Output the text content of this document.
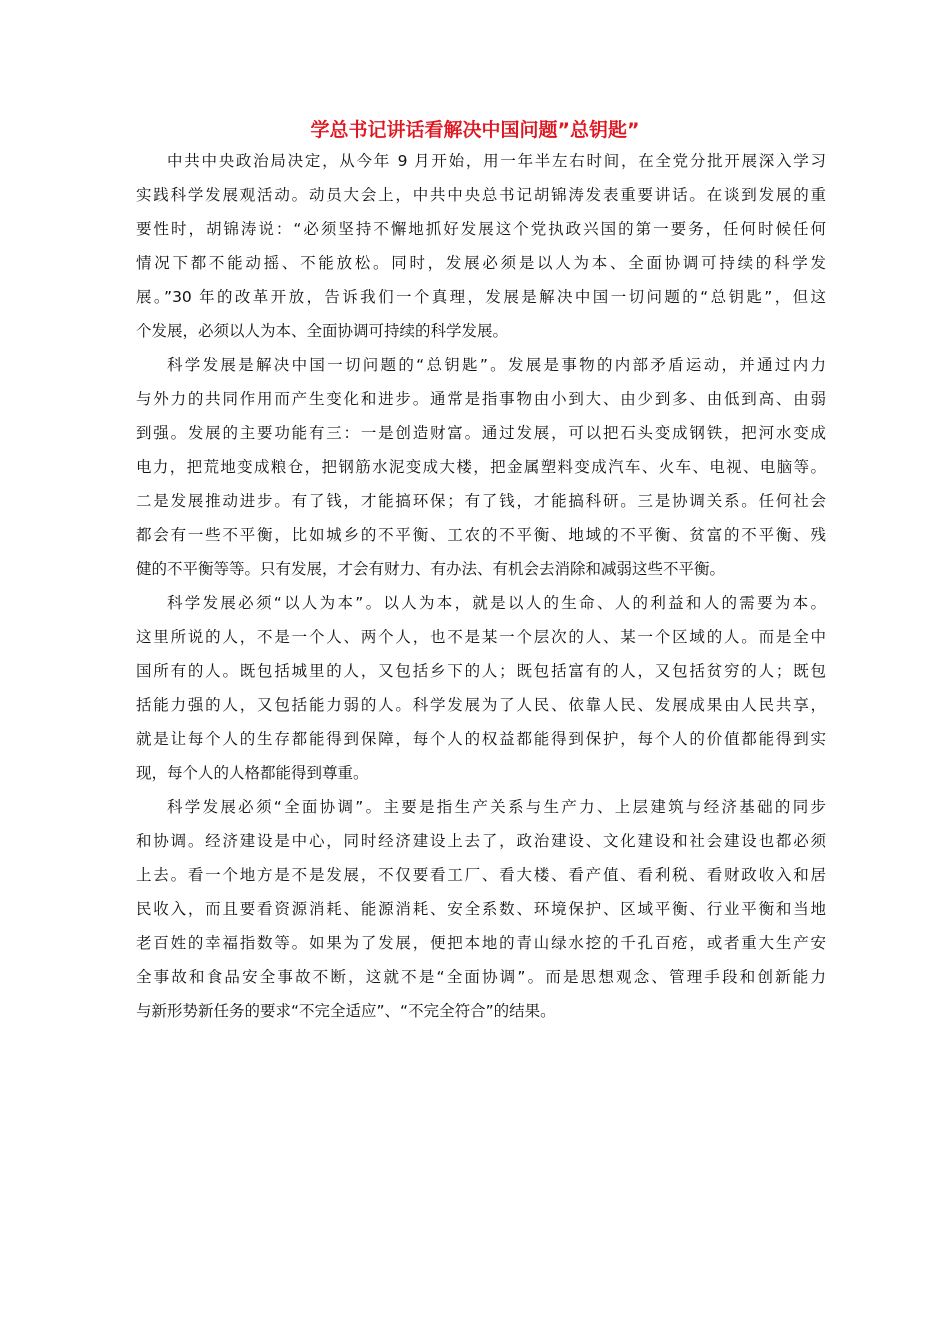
学总书记讲话看解决中国问题”总钥匙”
中共中央政治局决定，从今年 9 月开始，用一年半左右时间，在全党分批开展深入学习
实践科学发展观活动。动员大会上，中共中央总书记胡锦涛发表重要讲话。在谈到发展的重
要性时，胡锦涛说：“必须坚持不懈地抓好发展这个党执政兴国的第一要务，任何时候任何
情况下都不能动摇、不能放松。同时，发展必须是以人为本、全面协调可持续的科学发
展。”30 年的改革开放，告诉我们一个真理，发展是解决中国一切问题的“总钥匙”，但这
个发展，必须以人为本、全面协调可持续的科学发展。
科学发展是解决中国一切问题的“总钥匙”。发展是事物的内部矛盾运动，并通过内力
与外力的共同作用而产生变化和进步。通常是指事物由小到大、由少到多、由低到高、由弱
到强。发展的主要功能有三：一是创造财富。通过发展，可以把石头变成钢铁，把河水变成
电力，把荒地变成粮仓，把钢筋水泥变成大楼，把金属塑料变成汽车、火车、电视、电脑等。
二是发展推动进步。有了钱，才能搞环保；有了钱，才能搞科研。三是协调关系。任何社会
都会有一些不平衡，比如城乡的不平衡、工农的不平衡、地域的不平衡、贫富的不平衡、残
健的不平衡等等。只有发展，才会有财力、有办法、有机会去消除和减弱这些不平衡。
科学发展必须“以人为本”。以人为本，就是以人的生命、人的利益和人的需要为本。
这里所说的人，不是一个人、两个人，也不是某一个层次的人、某一个区域的人。而是全中
国所有的人。既包括城里的人，又包括乡下的人；既包括富有的人，又包括贫穷的人；既包
括能力强的人，又包括能力弱的人。科学发展为了人民、依靠人民、发展成果由人民共享，
就是让每个人的生存都能得到保障，每个人的权益都能得到保护，每个人的价值都能得到实
现，每个人的人格都能得到尊重。
科学发展必须“全面协调”。主要是指生产关系与生产力、上层建筑与经济基础的同步
和协调。经济建设是中心，同时经济建设上去了，政治建设、文化建设和社会建设也都必须
上去。看一个地方是不是发展，不仅要看工厂、看大楼、看产值、看利税、看财政收入和居
民收入，而且要看资源消耗、能源消耗、安全系数、环境保护、区域平衡、行业平衡和当地
老百姓的幸福指数等。如果为了发展，便把本地的青山绿水挖的千孔百疮，或者重大生产安
全事故和食品安全事故不断，这就不是“全面协调”。而是思想观念、管理手段和创新能力
与新形势新任务的要求“不完全适应”、“不完全符合”的结果。
